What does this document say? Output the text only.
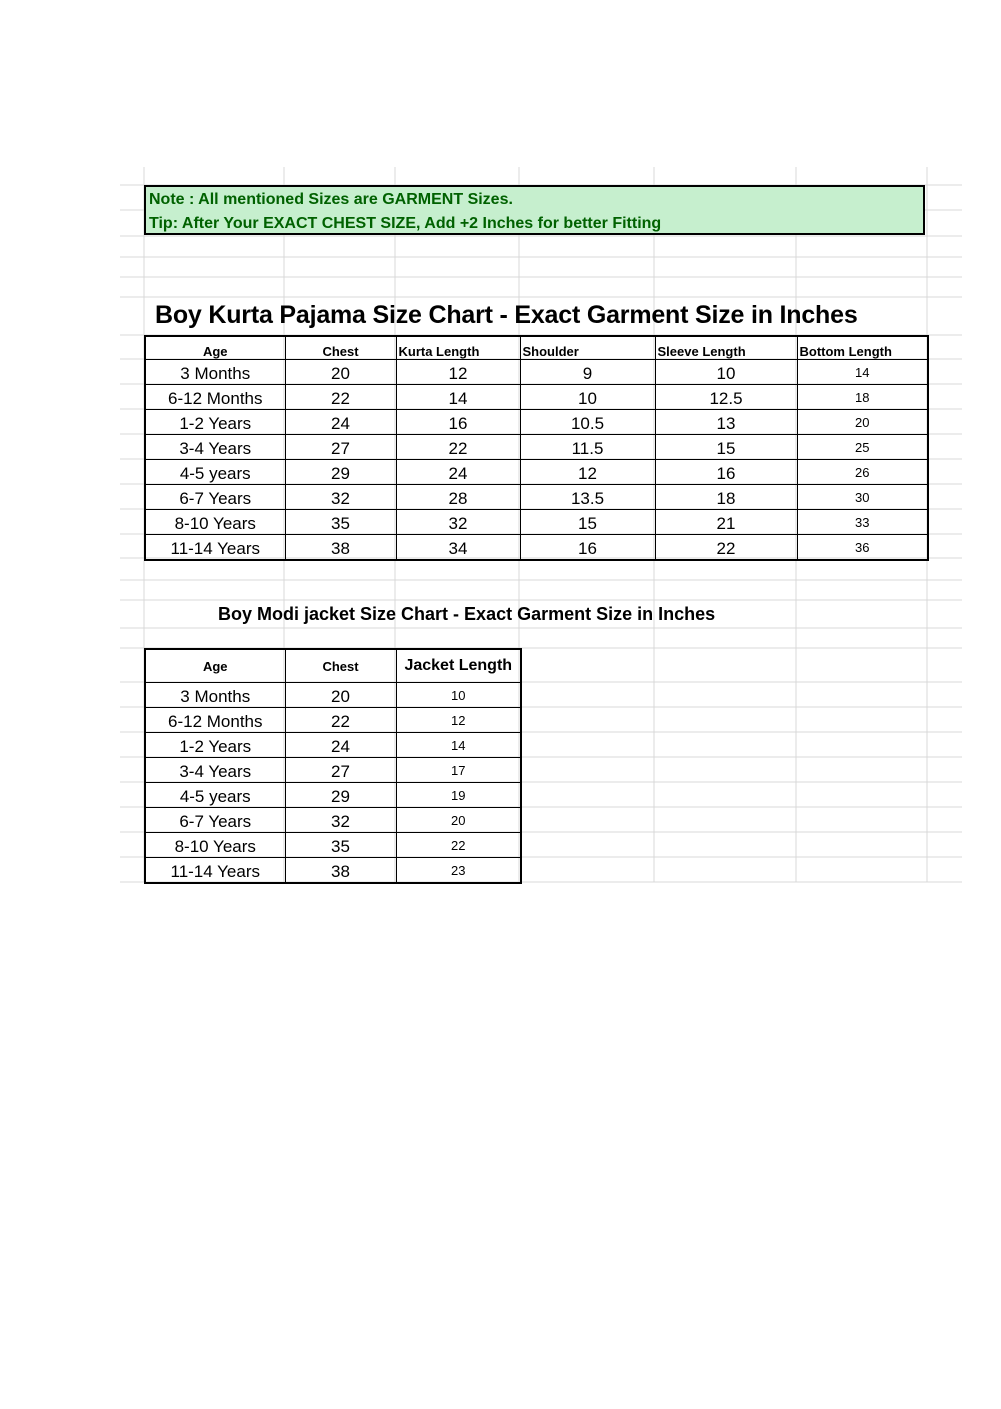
Note : All mentioned Sizes are GARMENT Sizes.
Tip: After Your EXACT CHEST SIZE, Add +2 Inches for better Fitting
Boy Kurta Pajama Size Chart - Exact Garment Size in Inches
Age	Chest	Kurta Length	Shoulder	Sleeve Length	Bottom Length
3 Months	20	12	9	10	14
6-12 Months	22	14	10	12.5	18
1-2 Years	24	16	10.5	13	20
3-4 Years	27	22	11.5	15	25
4-5 years	29	24	12	16	26
6-7 Years	32	28	13.5	18	30
8-10 Years	35	32	15	21	33
11-14 Years	38	34	16	22	36
Boy Modi jacket Size Chart - Exact Garment Size in Inches
Age	Chest	Jacket Length
3 Months	20	10
6-12 Months	22	12
1-2 Years	24	14
3-4 Years	27	17
4-5 years	29	19
6-7 Years	32	20
8-10 Years	35	22
11-14 Years	38	23
